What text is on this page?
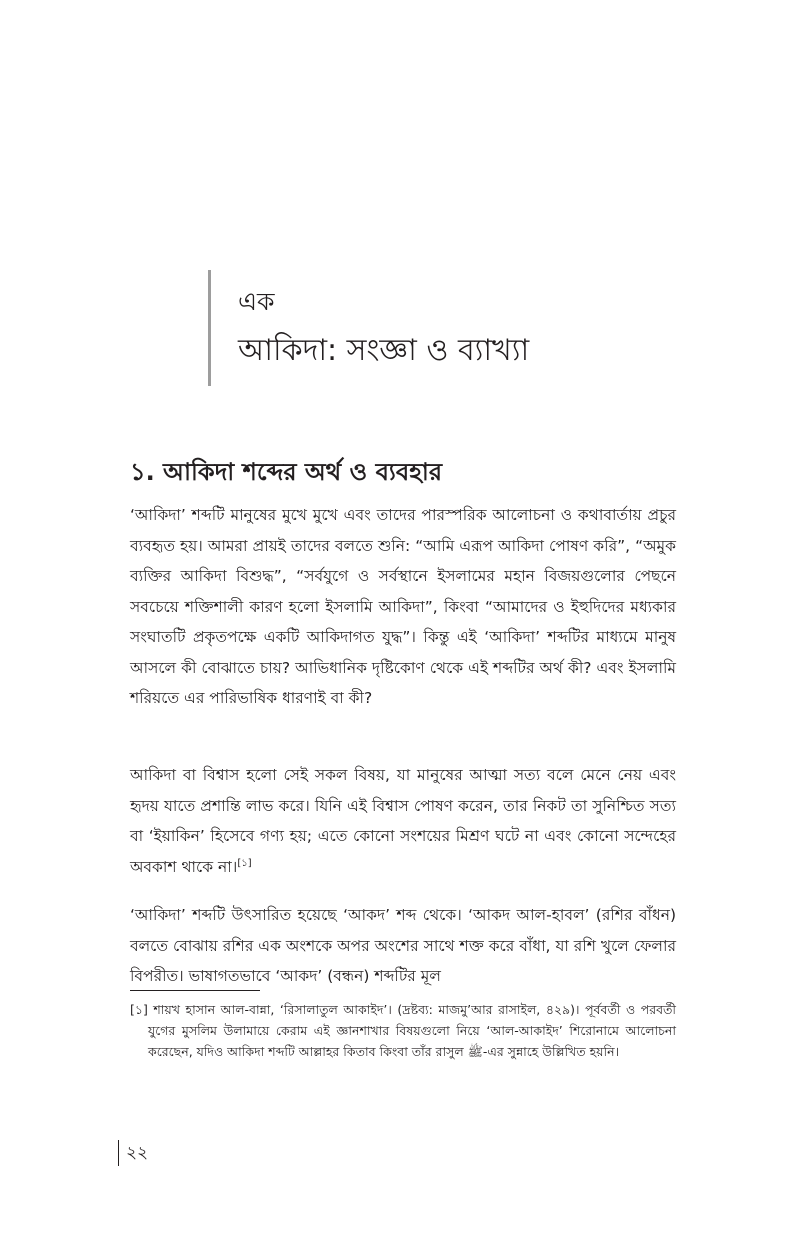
এক
আকিদা: সংজ্ঞা ও ব্যাখ্যা
১. আকিদা শব্দের অর্থ ও ব্যবহার

‘আকিদা’ শব্দটি মানুষের মুখে মুখে এবং তাদের পারস্পরিক আলোচনা ও কথাবার্তায় প্রচুর ব্যবহৃত হয়। আমরা প্রায়ই তাদের বলতে শুনি: “আমি এরূপ আকিদা পোষণ করি”, “অমুক ব্যক্তির আকিদা বিশুদ্ধ”, “সর্বযুগে ও সর্বস্থানে ইসলামের মহান বিজয়গুলোর পেছনে সবচেয়ে শক্তিশালী কারণ হলো ইসলামি আকিদা”, কিংবা “আমাদের ও ইহুদিদের মধ্যকার সংঘাতটি প্রকৃতপক্ষে একটি আকিদাগত যুদ্ধ”। কিন্তু এই ‘আকিদা’ শব্দটির মাধ্যমে মানুষ আসলে কী বোঝাতে চায়? আভিধানিক দৃষ্টিকোণ থেকে এই শব্দটির অর্থ কী? এবং ইসলামি শরিয়তে এর পারিভাষিক ধারণাই বা কী?

আকিদা বা বিশ্বাস হলো সেই সকল বিষয়, যা মানুষের আত্মা সত্য বলে মেনে নেয় এবং হৃদয় যাতে প্রশান্তি লাভ করে। যিনি এই বিশ্বাস পোষণ করেন, তার নিকট তা সুনিশ্চিত সত্য বা ‘ইয়াকিন’ হিসেবে গণ্য হয়; এতে কোনো সংশয়ের মিশ্রণ ঘটে না এবং কোনো সন্দেহের অবকাশ থাকে না।[১]

‘আকিদা’ শব্দটি উৎসারিত হয়েছে ‘আকদ’ শব্দ থেকে। ‘আকদ আল-হাবল’ (রশির বাঁধন) বলতে বোঝায় রশির এক অংশকে অপর অংশের সাথে শক্ত করে বাঁধা, যা রশি খুলে ফেলার বিপরীত। ভাষাগতভাবে ‘আকদ’ (বন্ধন) শব্দটির মূল

[১] শায়খ হাসান আল-বান্না, ‘রিসালাতুল আকাইদ’। (দ্রষ্টব্য: মাজমু’আর রাসাইল, ৪২৯)। পূর্ববর্তী ও পরবর্তী যুগের মুসলিম উলামায়ে কেরাম এই জ্ঞানশাখার বিষয়গুলো নিয়ে ‘আল-আকাইদ’ শিরোনামে আলোচনা করেছেন, যদিও আকিদা শব্দটি আল্লাহর কিতাব কিংবা তাঁর রাসুল ﷺ-এর সুন্নাহে উল্লিখিত হয়নি।
২২
